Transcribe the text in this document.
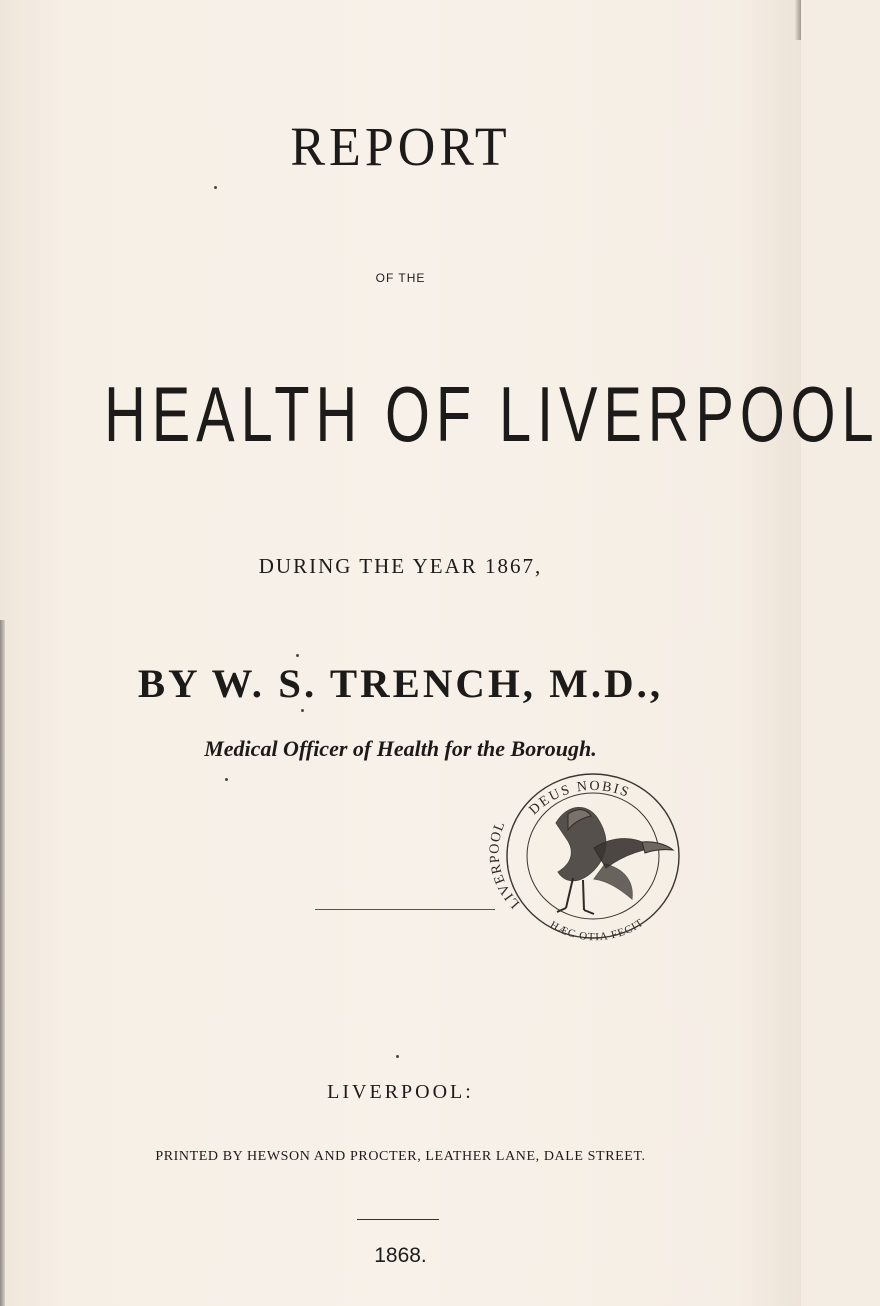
REPORT
OF THE
HEALTH OF LIVERPOOL
DURING THE YEAR 1867,
BY W. S. TRENCH, M.D.,
Medical Officer of Health for the Borough.
DEUS NOBIS
LIVERPOOL
HÆC OTIA FECIT
LIVERPOOL:
PRINTED BY HEWSON AND PROCTER, LEATHER LANE, DALE STREET.
1868.
